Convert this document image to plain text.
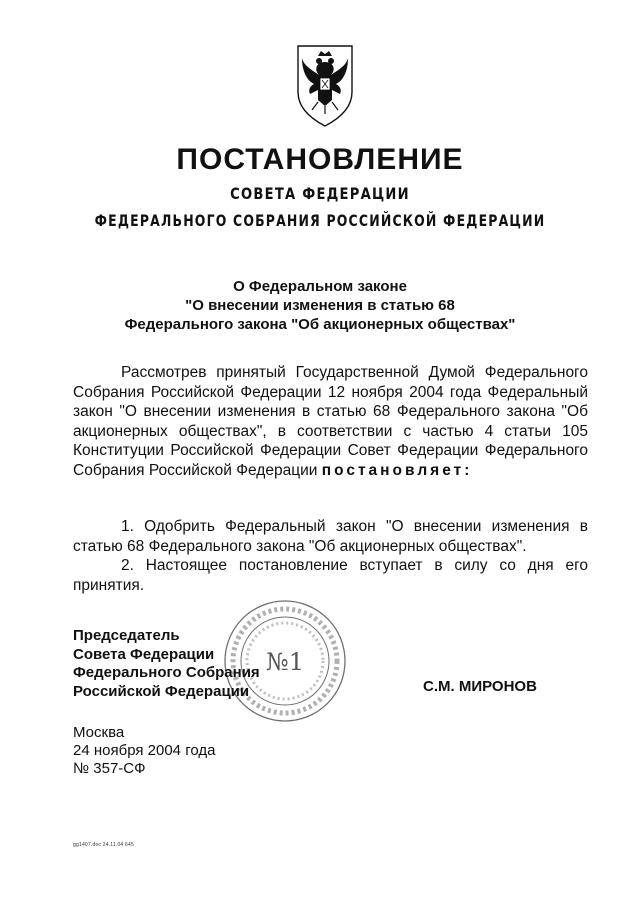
ПОСТАНОВЛЕНИЕ
СОВЕТА ФЕДЕРАЦИИ
ФЕДЕРАЛЬНОГО СОБРАНИЯ РОССИЙСКОЙ ФЕДЕРАЦИИ
О Федеральном законе
"О внесении изменения в статью 68
Федерального закона "Об акционерных обществах"

Рассмотрев принятый Государственной Думой Федерального Собрания Российской Федерации 12 ноября 2004 года Федеральный закон "О внесении изменения в статью 68 Федерального закона "Об акционерных обществах", в соответствии с частью 4 статьи 105 Конституции Российской Федерации Совет Федерации Федерального Собрания Российской Федерации постановляет:

1. Одобрить Федеральный закон "О внесении изменения в статью 68 Федерального закона "Об акционерных обществах".

2. Настоящее постановление вступает в силу со дня его принятия.

№1
Председатель
Совета Федерации
Федерального Собрания
Российской Федерации	С.М. МИРОНОВ
Москва
24 ноября 2004 года
№ 357-СФ
gg1407.doc 24.11.04 645
